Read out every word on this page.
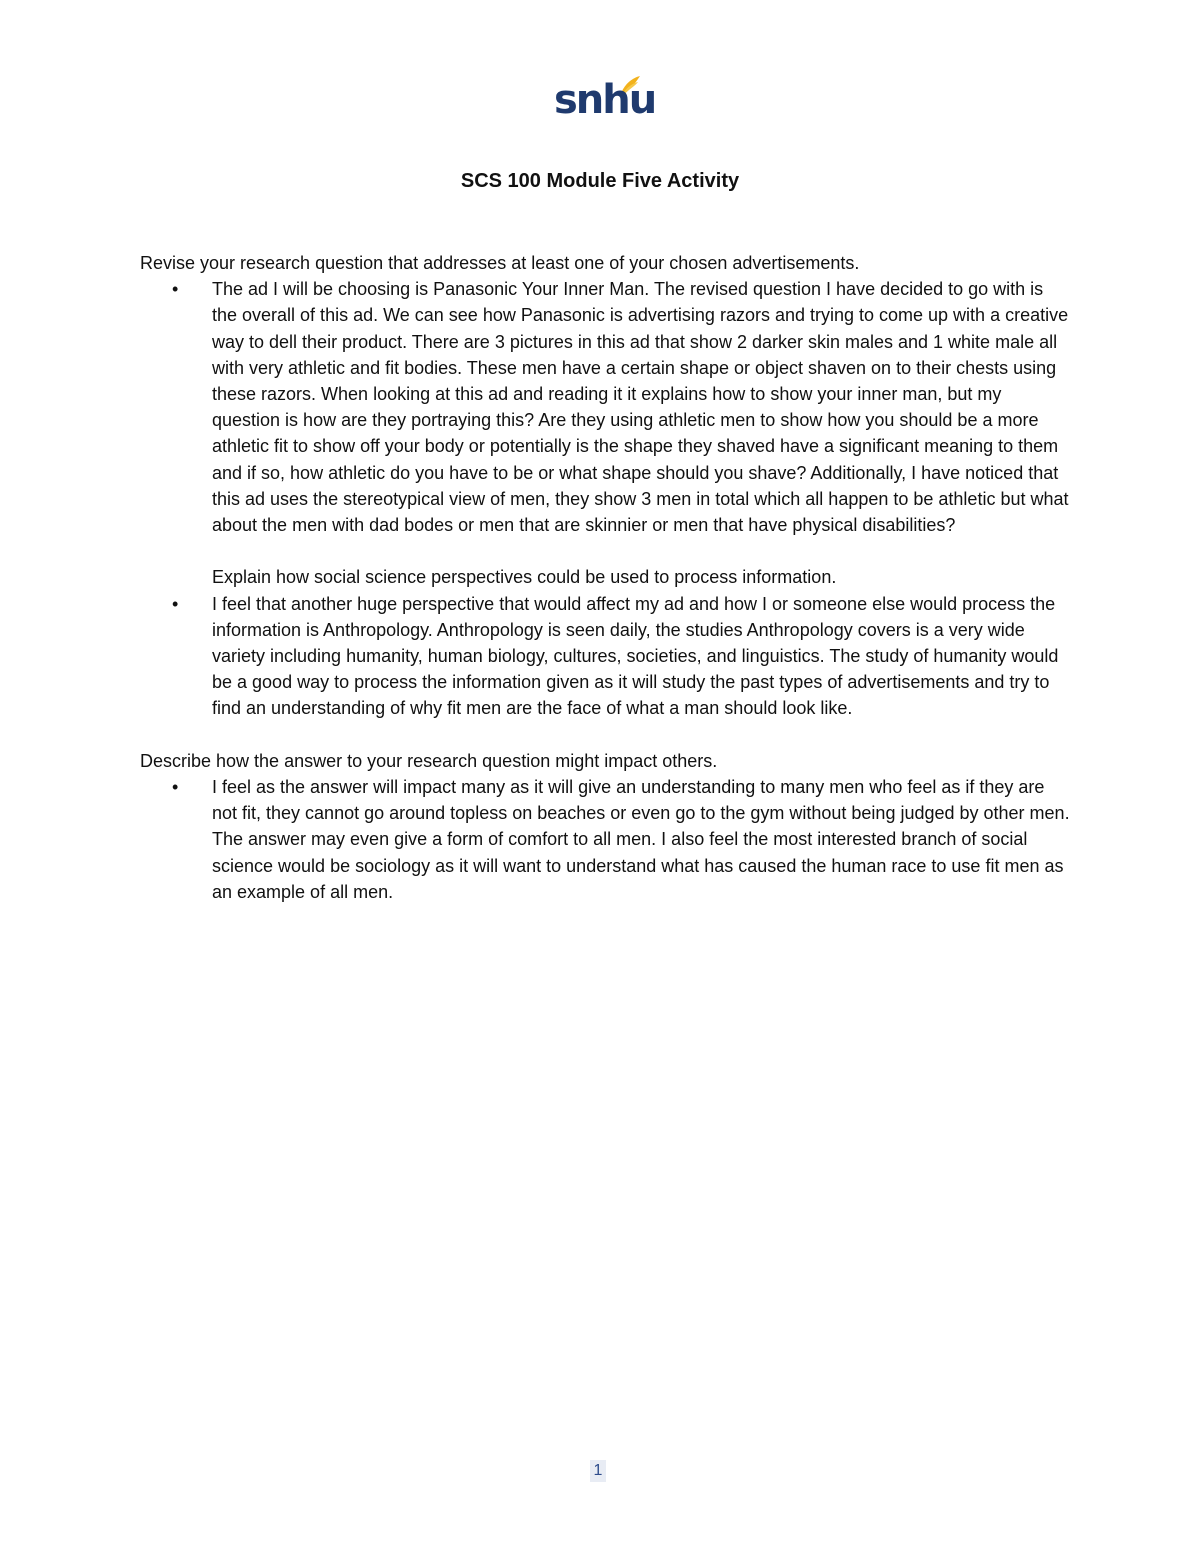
snhu
SCS 100 Module Five Activity

Revise your research question that addresses at least one of your chosen advertisements.

• The ad I will be choosing is Panasonic Your Inner Man. The revised question I have decided to go with is the overall of this ad. We can see how Panasonic is advertising razors and trying to come up with a creative way to dell their product. There are 3 pictures in this ad that show 2 darker skin males and 1 white male all with very athletic and fit bodies. These men have a certain shape or object shaven on to their chests using these razors. When looking at this ad and reading it it explains how to show your inner man, but my question is how are they portraying this? Are they using athletic men to show how you should be a more athletic fit to show off your body or potentially is the shape they shaved have a significant meaning to them and if so, how athletic do you have to be or what shape should you shave? Additionally, I have noticed that this ad uses the stereotypical view of men, they show 3 men in total which all happen to be athletic but what about the men with dad bodes or men that are skinnier or men that have physical disabilities?

Explain how social science perspectives could be used to process information.

• I feel that another huge perspective that would affect my ad and how I or someone else would process the information is Anthropology. Anthropology is seen daily, the studies Anthropology covers is a very wide variety including humanity, human biology, cultures, societies, and linguistics. The study of humanity would be a good way to process the information given as it will study the past types of advertisements and try to find an understanding of why fit men are the face of what a man should look like.

Describe how the answer to your research question might impact others.

• I feel as the answer will impact many as it will give an understanding to many men who feel as if they are not fit, they cannot go around topless on beaches or even go to the gym without being judged by other men. The answer may even give a form of comfort to all men. I also feel the most interested branch of social science would be sociology as it will want to understand what has caused the human race to use fit men as an example of all men.
1
